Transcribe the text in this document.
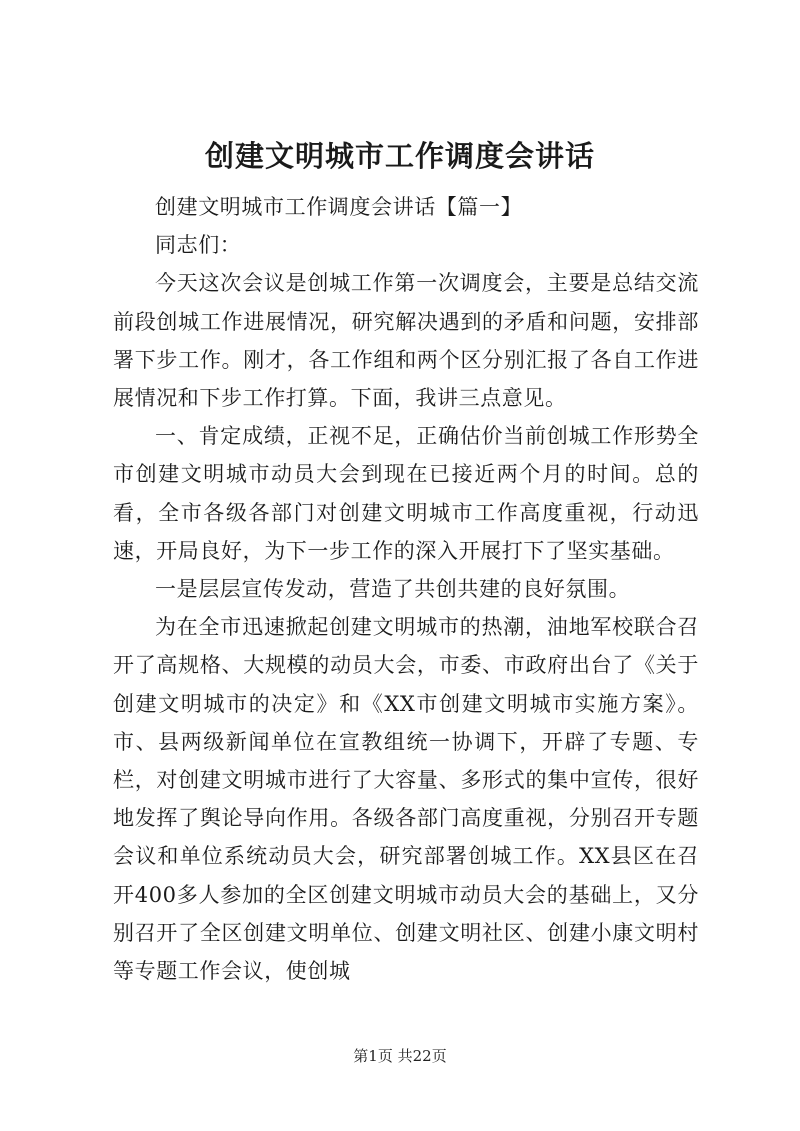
创建文明城市工作调度会讲话

创建文明城市工作调度会讲话【篇一】

同志们：

今天这次会议是创城工作第一次调度会，主要是总结交流前段创城工作进展情况，研究解决遇到的矛盾和问题，安排部署下步工作。刚才，各工作组和两个区分别汇报了各自工作进展情况和下步工作打算。下面，我讲三点意见。

一、肯定成绩，正视不足，正确估价当前创城工作形势全市创建文明城市动员大会到现在已接近两个月的时间。总的看，全市各级各部门对创建文明城市工作高度重视，行动迅速，开局良好，为下一步工作的深入开展打下了坚实基础。

一是层层宣传发动，营造了共创共建的良好氛围。

为在全市迅速掀起创建文明城市的热潮，油地军校联合召开了高规格、大规模的动员大会，市委、市政府出台了《关于创建文明城市的决定》和《XX市创建文明城市实施方案》。市、县两级新闻单位在宣教组统一协调下，开辟了专题、专栏，对创建文明城市进行了大容量、多形式的集中宣传，很好地发挥了舆论导向作用。各级各部门高度重视，分别召开专题会议和单位系统动员大会，研究部署创城工作。XX县区在召开400多人参加的全区创建文明城市动员大会的基础上，又分别召开了全区创建文明单位、创建文明社区、创建小康文明村等专题工作会议，使创城

第1页 共22页
